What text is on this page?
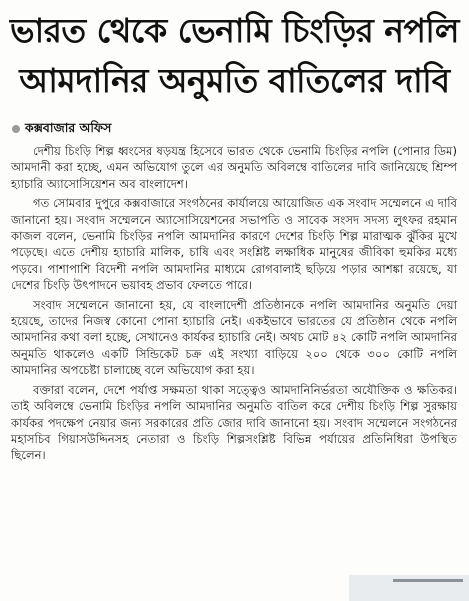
ভারত থেকে ভেনামি চিংড়ির নপলি
আমদানির অনুমতি বাতিলের দাবি
কক্সবাজার অফিস

দেশীয় চিংড়ি শিল্প ধ্বংসের ষড়যন্ত্র হিসেবে ভারত থেকে ভেনামি চিংড়ির নপলি (পোনার ডিম) আমদানী করা হচ্ছে, এমন অভিযোগ তুলে এর অনুমতি অবিলম্বে বাতিলের দাবি জানিয়েছে শ্রিম্প হ্যাচারি অ্যাসোসিয়েশন অব বাংলাদেশ।

গত সোমবার দুপুরে কক্সবাজারে সংগঠনের কার্যালয়ে আয়োজিত এক সংবাদ সম্মেলনে এ দাবি জানানো হয়। সংবাদ সম্মেলনে অ্যাসোসিয়েশনের সভাপতি ও সাবেক সংসদ সদস্য লুৎফর রহমান কাজল বলেন, ভেনামি চিংড়ির নপলি আমদানির কারণে দেশের চিংড়ি শিল্প মারাত্মক ঝুঁকির মুখে পড়েছে। এতে দেশীয় হ্যাচারি মালিক, চাষি এবং সংশ্লিষ্ট লক্ষাধিক মানুষের জীবিকা হুমকির মধ্যে পড়বে। পাশাপাশি বিদেশী নপলি আমদানির মাধ্যমে রোগবালাই ছড়িয়ে পড়ার আশঙ্কা রয়েছে, যা দেশের চিংড়ি উৎপাদনে ভয়াবহ প্রভাব ফেলতে পারে।

সংবাদ সম্মেলনে জানানো হয়, যে বাংলাদেশী প্রতিষ্ঠানকে নপলি আমদানির অনুমতি দেয়া হয়েছে, তাদের নিজস্ব কোনো পোনা হ্যাচারি নেই। একইভাবে ভারতের যে প্রতিষ্ঠান থেকে নপলি আমদানির কথা বলা হচ্ছে, সেখানেও কার্যকর হ্যাচারি নেই। অথচ মোট ৪২ কোটি নপলি আমদানির অনুমতি থাকলেও একটি সিন্ডিকেট চক্র এই সংখ্যা বাড়িয়ে ২০০ থেকে ৩০০ কোটি নপলি আমদানির অপচেষ্টা চালাচ্ছে বলে অভিযোগ করা হয়।

বক্তারা বলেন, দেশে পর্যাপ্ত সক্ষমতা থাকা সত্ত্বেও আমদানিনির্ভরতা অযৌক্তিক ও ক্ষতিকর। তাই অবিলম্বে ভেনামি চিংড়ির নপলি আমদানির অনুমতি বাতিল করে দেশীয় চিংড়ি শিল্প সুরক্ষায় কার্যকর পদক্ষেপ নেয়ার জন্য সরকারের প্রতি জোর দাবি জানানো হয়। সংবাদ সম্মেলনে সংগঠনের মহাসচিব গিয়াসউদ্দিনসহ নেতারা ও চিংড়ি শিল্পসংশ্লিষ্ট বিভিন্ন পর্যায়ের প্রতিনিধিরা উপস্থিত ছিলেন।
